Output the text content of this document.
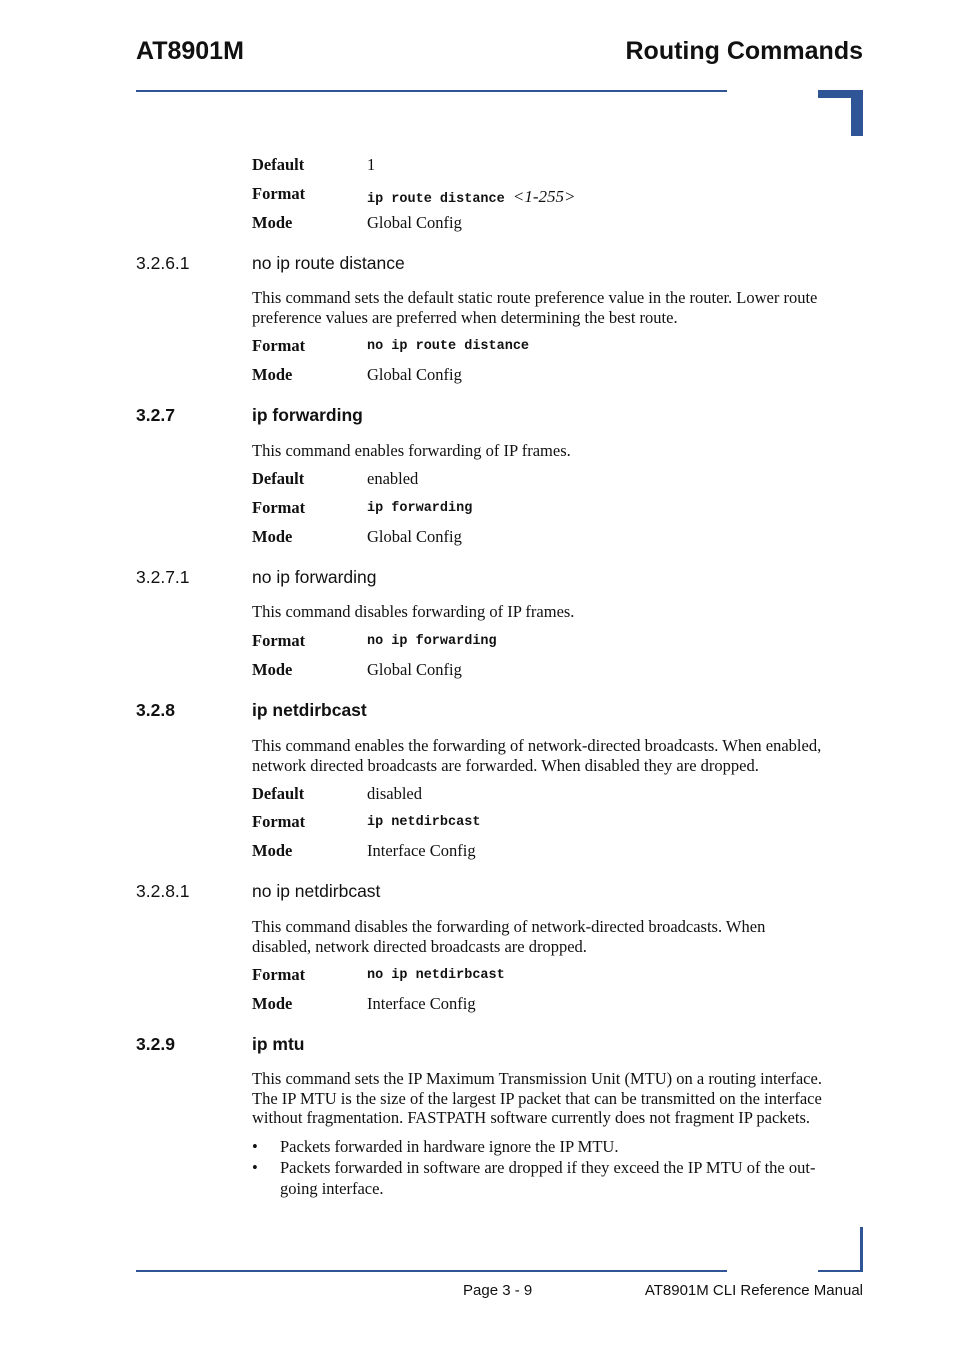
AT8901M	Routing Commands
Default	1
Format	ip route distance <1-255>
Mode	Global Config
3.2.6.1	no ip route distance
This command sets the default static route preference value in the router. Lower route
preference values are preferred when determining the best route.
Format	no ip route distance
Mode	Global Config
3.2.7	ip forwarding
This command enables forwarding of IP frames.
Default	enabled
Format	ip forwarding
Mode	Global Config
3.2.7.1	no ip forwarding
This command disables forwarding of IP frames.
Format	no ip forwarding
Mode	Global Config
3.2.8	ip netdirbcast
This command enables the forwarding of network-directed broadcasts. When enabled,
network directed broadcasts are forwarded. When disabled they are dropped.
Default	disabled
Format	ip netdirbcast
Mode	Interface Config
3.2.8.1	no ip netdirbcast
This command disables the forwarding of network-directed broadcasts. When
disabled, network directed broadcasts are dropped.
Format	no ip netdirbcast
Mode	Interface Config
3.2.9	ip mtu
This command sets the IP Maximum Transmission Unit (MTU) on a routing interface.
The IP MTU is the size of the largest IP packet that can be transmitted on the interface
without fragmentation. FASTPATH software currently does not fragment IP packets.
• Packets forwarded in hardware ignore the IP MTU.
• Packets forwarded in software are dropped if they exceed the IP MTU of the out-
going interface.
Page 3 - 9	AT8901M CLI Reference Manual
